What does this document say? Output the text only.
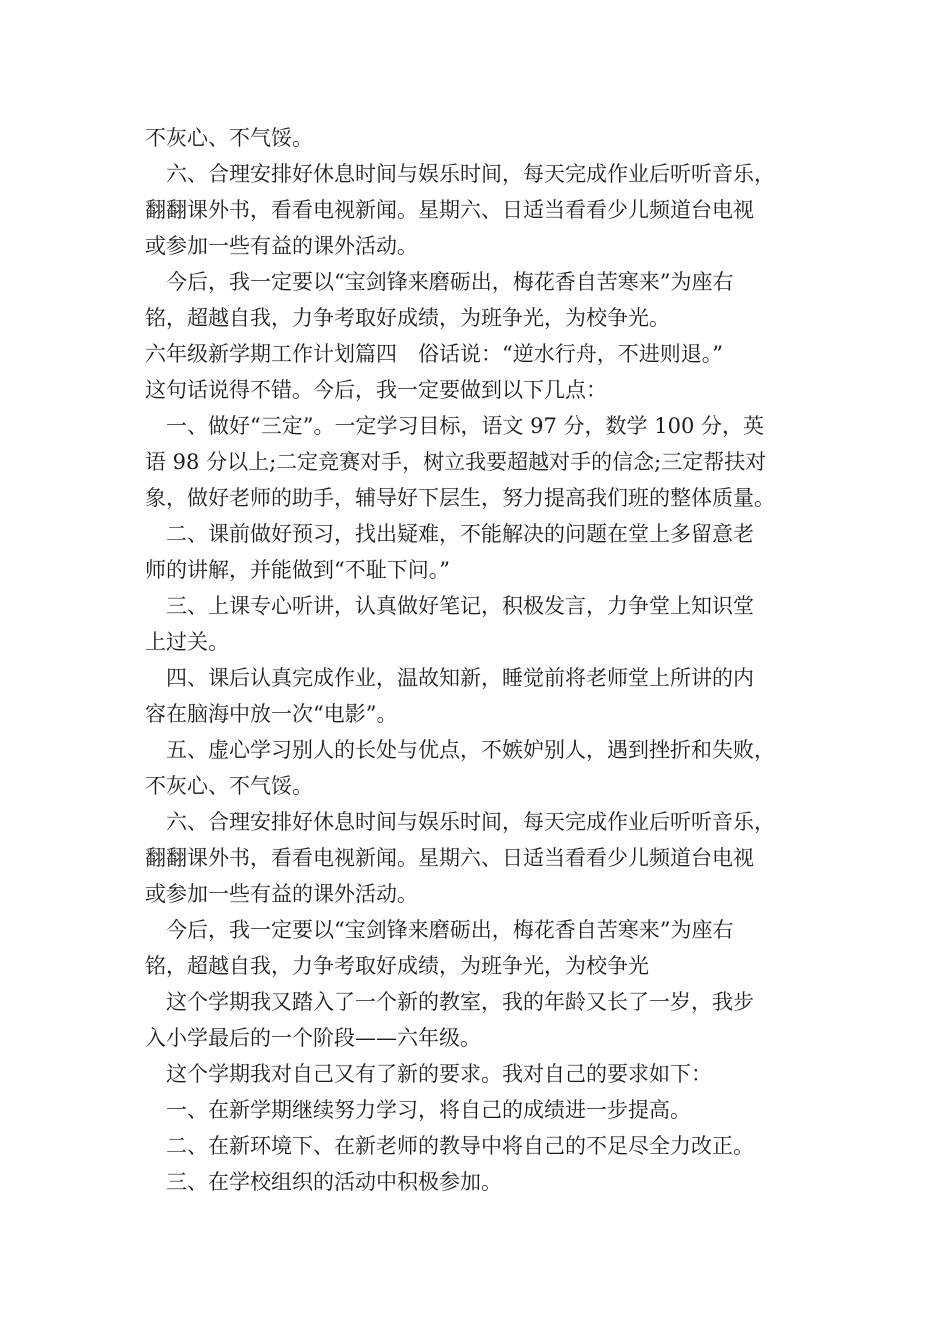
不灰心、不气馁。

六、合理安排好休息时间与娱乐时间，每天完成作业后听听音乐，

翻翻课外书，看看电视新闻。星期六、日适当看看少儿频道台电视

或参加一些有益的课外活动。

今后，我一定要以“宝剑锋来磨砺出，梅花香自苦寒来”为座右

铭，超越自我，力争考取好成绩，为班争光，为校争光。

六年级新学期工作计划篇四　俗话说：“逆水行舟，不进则退。”

这句话说得不错。今后，我一定要做到以下几点：

一、做好“三定”。一定学习目标，语文 97 分，数学 100 分，英

语 98 分以上;二定竞赛对手，树立我要超越对手的信念;三定帮扶对

象，做好老师的助手，辅导好下层生，努力提高我们班的整体质量。

二、课前做好预习，找出疑难，不能解决的问题在堂上多留意老

师的讲解，并能做到“不耻下问。”

三、上课专心听讲，认真做好笔记，积极发言，力争堂上知识堂

上过关。

四、课后认真完成作业，温故知新，睡觉前将老师堂上所讲的内

容在脑海中放一次“电影”。

五、虚心学习别人的长处与优点，不嫉妒别人，遇到挫折和失败，

不灰心、不气馁。

六、合理安排好休息时间与娱乐时间，每天完成作业后听听音乐，

翻翻课外书，看看电视新闻。星期六、日适当看看少儿频道台电视

或参加一些有益的课外活动。

今后，我一定要以“宝剑锋来磨砺出，梅花香自苦寒来”为座右

铭，超越自我，力争考取好成绩，为班争光，为校争光

这个学期我又踏入了一个新的教室，我的年龄又长了一岁，我步

入小学最后的一个阶段——六年级。

这个学期我对自己又有了新的要求。我对自己的要求如下：

一、在新学期继续努力学习，将自己的成绩进一步提高。

二、在新环境下、在新老师的教导中将自己的不足尽全力改正。

三、在学校组织的活动中积极参加。
